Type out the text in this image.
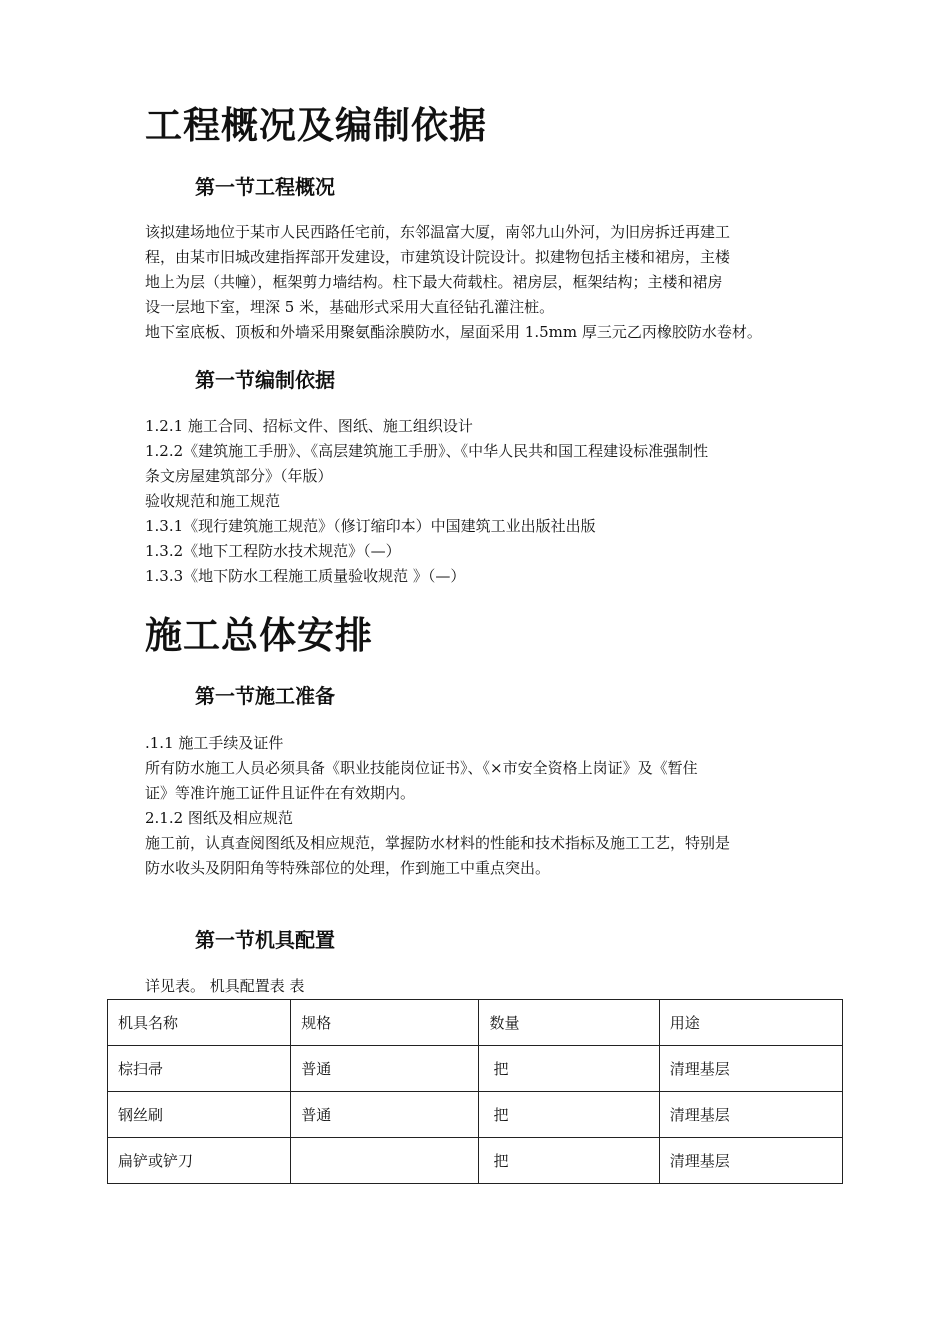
工程概况及编制依据
第一节工程概况
该拟建场地位于某市人民西路任宅前，东邻温富大厦，南邻九山外河，为旧房拆迁再建工
程，由某市旧城改建指挥部开发建设，市建筑设计院设计。拟建物包括主楼和裙房，主楼
地上为层（共幢），框架剪力墙结构。柱下最大荷载柱。裙房层，框架结构；主楼和裙房
设一层地下室，埋深 5 米，基础形式采用大直径钻孔灌注桩。
地下室底板、顶板和外墙采用聚氨酯涂膜防水，屋面采用 1.5mm 厚三元乙丙橡胶防水卷材。
第一节编制依据
1.2.1 施工合同、招标文件、图纸、施工组织设计
1.2.2《建筑施工手册》、《高层建筑施工手册》、《中华人民共和国工程建设标准强制性
条文房屋建筑部分》（年版）
验收规范和施工规范
1.3.1《现行建筑施工规范》（修订缩印本）中国建筑工业出版社出版
1.3.2《地下工程防水技术规范》（—）
1.3.3《地下防水工程施工质量验收规范 》（—）
施工总体安排
第一节施工准备
.1.1 施工手续及证件
所有防水施工人员必须具备《职业技能岗位证书》、《×市安全资格上岗证》及《暂住
证》等准许施工证件且证件在有效期内。
2.1.2 图纸及相应规范
施工前，认真查阅图纸及相应规范，掌握防水材料的性能和技术指标及施工工艺，特别是
防水收头及阴阳角等特殊部位的处理，作到施工中重点突出。
第一节机具配置
详见表。 机具配置表 表
机具名称	规格	数量	用途
棕扫帚	普通	把	清理基层
钢丝刷	普通	把	清理基层
扁铲或铲刀		把	清理基层
